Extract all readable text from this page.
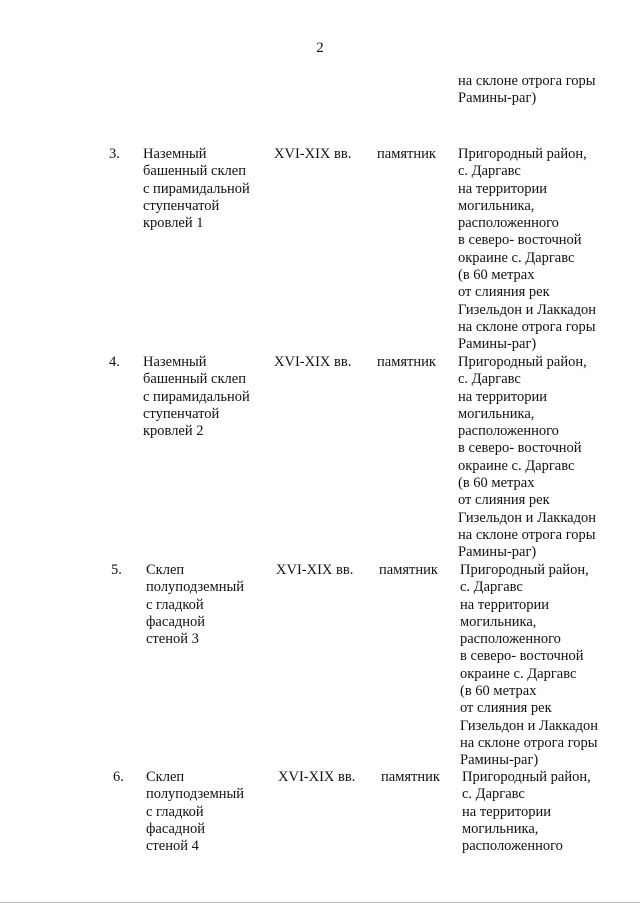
2
на склоне отрога горы
Рамины-раг)
3. Наземный
башенный склеп
с пирамидальной
ступенчатой
кровлей 1
XVI-XIX вв. памятник Пригородный район,
с. Даргавс
на территории
могильника,
расположенного
в северо- восточной
окраине с. Даргавс
(в 60 метрах
от слияния рек
Гизельдон и Лаккадон
на склоне отрога горы
Рамины-раг)
4. Наземный
башенный склеп
с пирамидальной
ступенчатой
кровлей 2
XVI-XIX вв. памятник Пригородный район,
с. Даргавс
на территории
могильника,
расположенного
в северо- восточной
окраине с. Даргавс
(в 60 метрах
от слияния рек
Гизельдон и Лаккадон
на склоне отрога горы
Рамины-раг)
5. Склеп
полуподземный
с гладкой
фасадной
стеной 3
XVI-XIX вв. памятник Пригородный район,
с. Даргавс
на территории
могильника,
расположенного
в северо- восточной
окраине с. Даргавс
(в 60 метрах
от слияния рек
Гизельдон и Лаккадон
на склоне отрога горы
Рамины-раг)
6. Склеп
полуподземный
с гладкой
фасадной
стеной 4
XVI-XIX вв. памятник Пригородный район,
с. Даргавс
на территории
могильника,
расположенного
